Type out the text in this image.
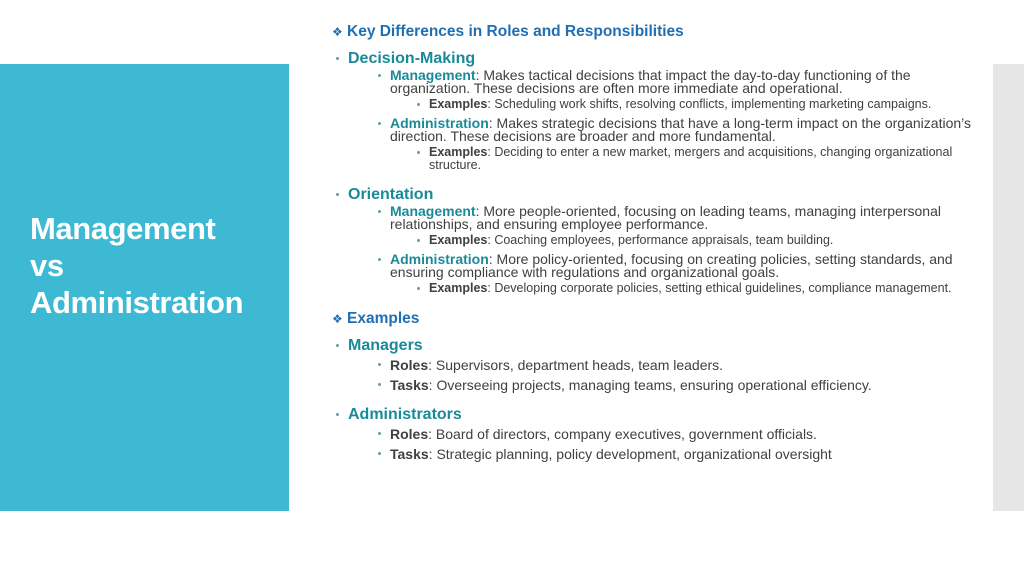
Management
vs
Administration
❖
Key Differences in Roles and Responsibilities
Decision-Making
Management: Makes tactical decisions that impact the day-to-day functioning of the organization. These decisions are often more immediate and operational.
Examples: Scheduling work shifts, resolving conflicts, implementing marketing campaigns.
Administration: Makes strategic decisions that have a long-term impact on the organization’s direction. These decisions are broader and more fundamental.
Examples: Deciding to enter a new market, mergers and acquisitions, changing organizational structure.
Orientation
Management: More people-oriented, focusing on leading teams, managing interpersonal relationships, and ensuring employee performance.
Examples: Coaching employees, performance appraisals, team building.
Administration: More policy-oriented, focusing on creating policies, setting standards, and ensuring compliance with regulations and organizational goals.
Examples: Developing corporate policies, setting ethical guidelines, compliance management.
❖
Examples
Managers
Roles: Supervisors, department heads, team leaders.
Tasks: Overseeing projects, managing teams, ensuring operational efficiency.
Administrators
Roles: Board of directors, company executives, government officials.
Tasks: Strategic planning, policy development, organizational oversight
